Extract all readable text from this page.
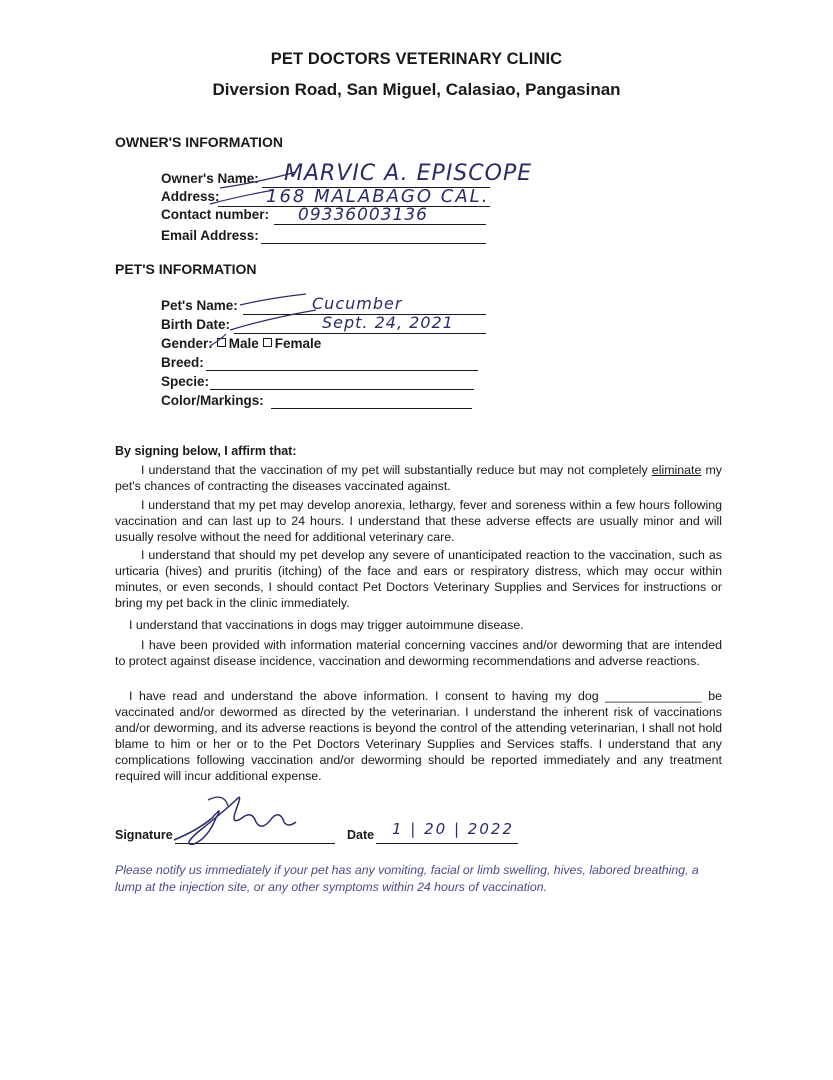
PET DOCTORS VETERINARY CLINIC
Diversion Road, San Miguel, Calasiao, Pangasinan
OWNER'S INFORMATION
Owner's Name: MARVIC A. EPISCOPE
Address:	168 MALABAGO CAL.
Contact number: 09336003136
Email Address:
PET'S INFORMATION
Pet's Name:	Cucumber
Birth Date:	Sept. 24, 2021
Gender: Male Female
Breed:
Specie:
Color/Markings:
By signing below, I affirm that:
I understand that the vaccination of my pet will substantially reduce but may not completely eliminate my pet's chances of contracting the diseases vaccinated against.
I understand that my pet may develop anorexia, lethargy, fever and soreness within a few hours following vaccination and can last up to 24 hours. I understand that these adverse effects are usually minor and will usually resolve without the need for additional veterinary care.
I understand that should my pet develop any severe of unanticipated reaction to the vaccination, such as urticaria (hives) and pruritis (itching) of the face and ears or respiratory distress, which may occur within minutes, or even seconds, I should contact Pet Doctors Veterinary Supplies and Services for instructions or bring my pet back in the clinic immediately.
I understand that vaccinations in dogs may trigger autoimmune disease.
I have been provided with information material concerning vaccines and/or deworming that are intended to protect against disease incidence, vaccination and deworming recommendations and adverse reactions.
I have read and understand the above information. I consent to having my dog ______________ be vaccinated and/or dewormed as directed by the veterinarian. I understand the inherent risk of vaccinations and/or deworming, and its adverse reactions is beyond the control of the attending veterinarian, I shall not hold blame to him or her or to the Pet Doctors Veterinary Supplies and Services staffs. I understand that any complications following vaccination and/or deworming should be reported immediately and any treatment required will incur additional expense.
Signature	Date 1 | 20 | 2022
Please notify us immediately if your pet has any vomiting, facial or limb swelling, hives, labored breathing, a lump at the injection site, or any other symptoms within 24 hours of vaccination.
